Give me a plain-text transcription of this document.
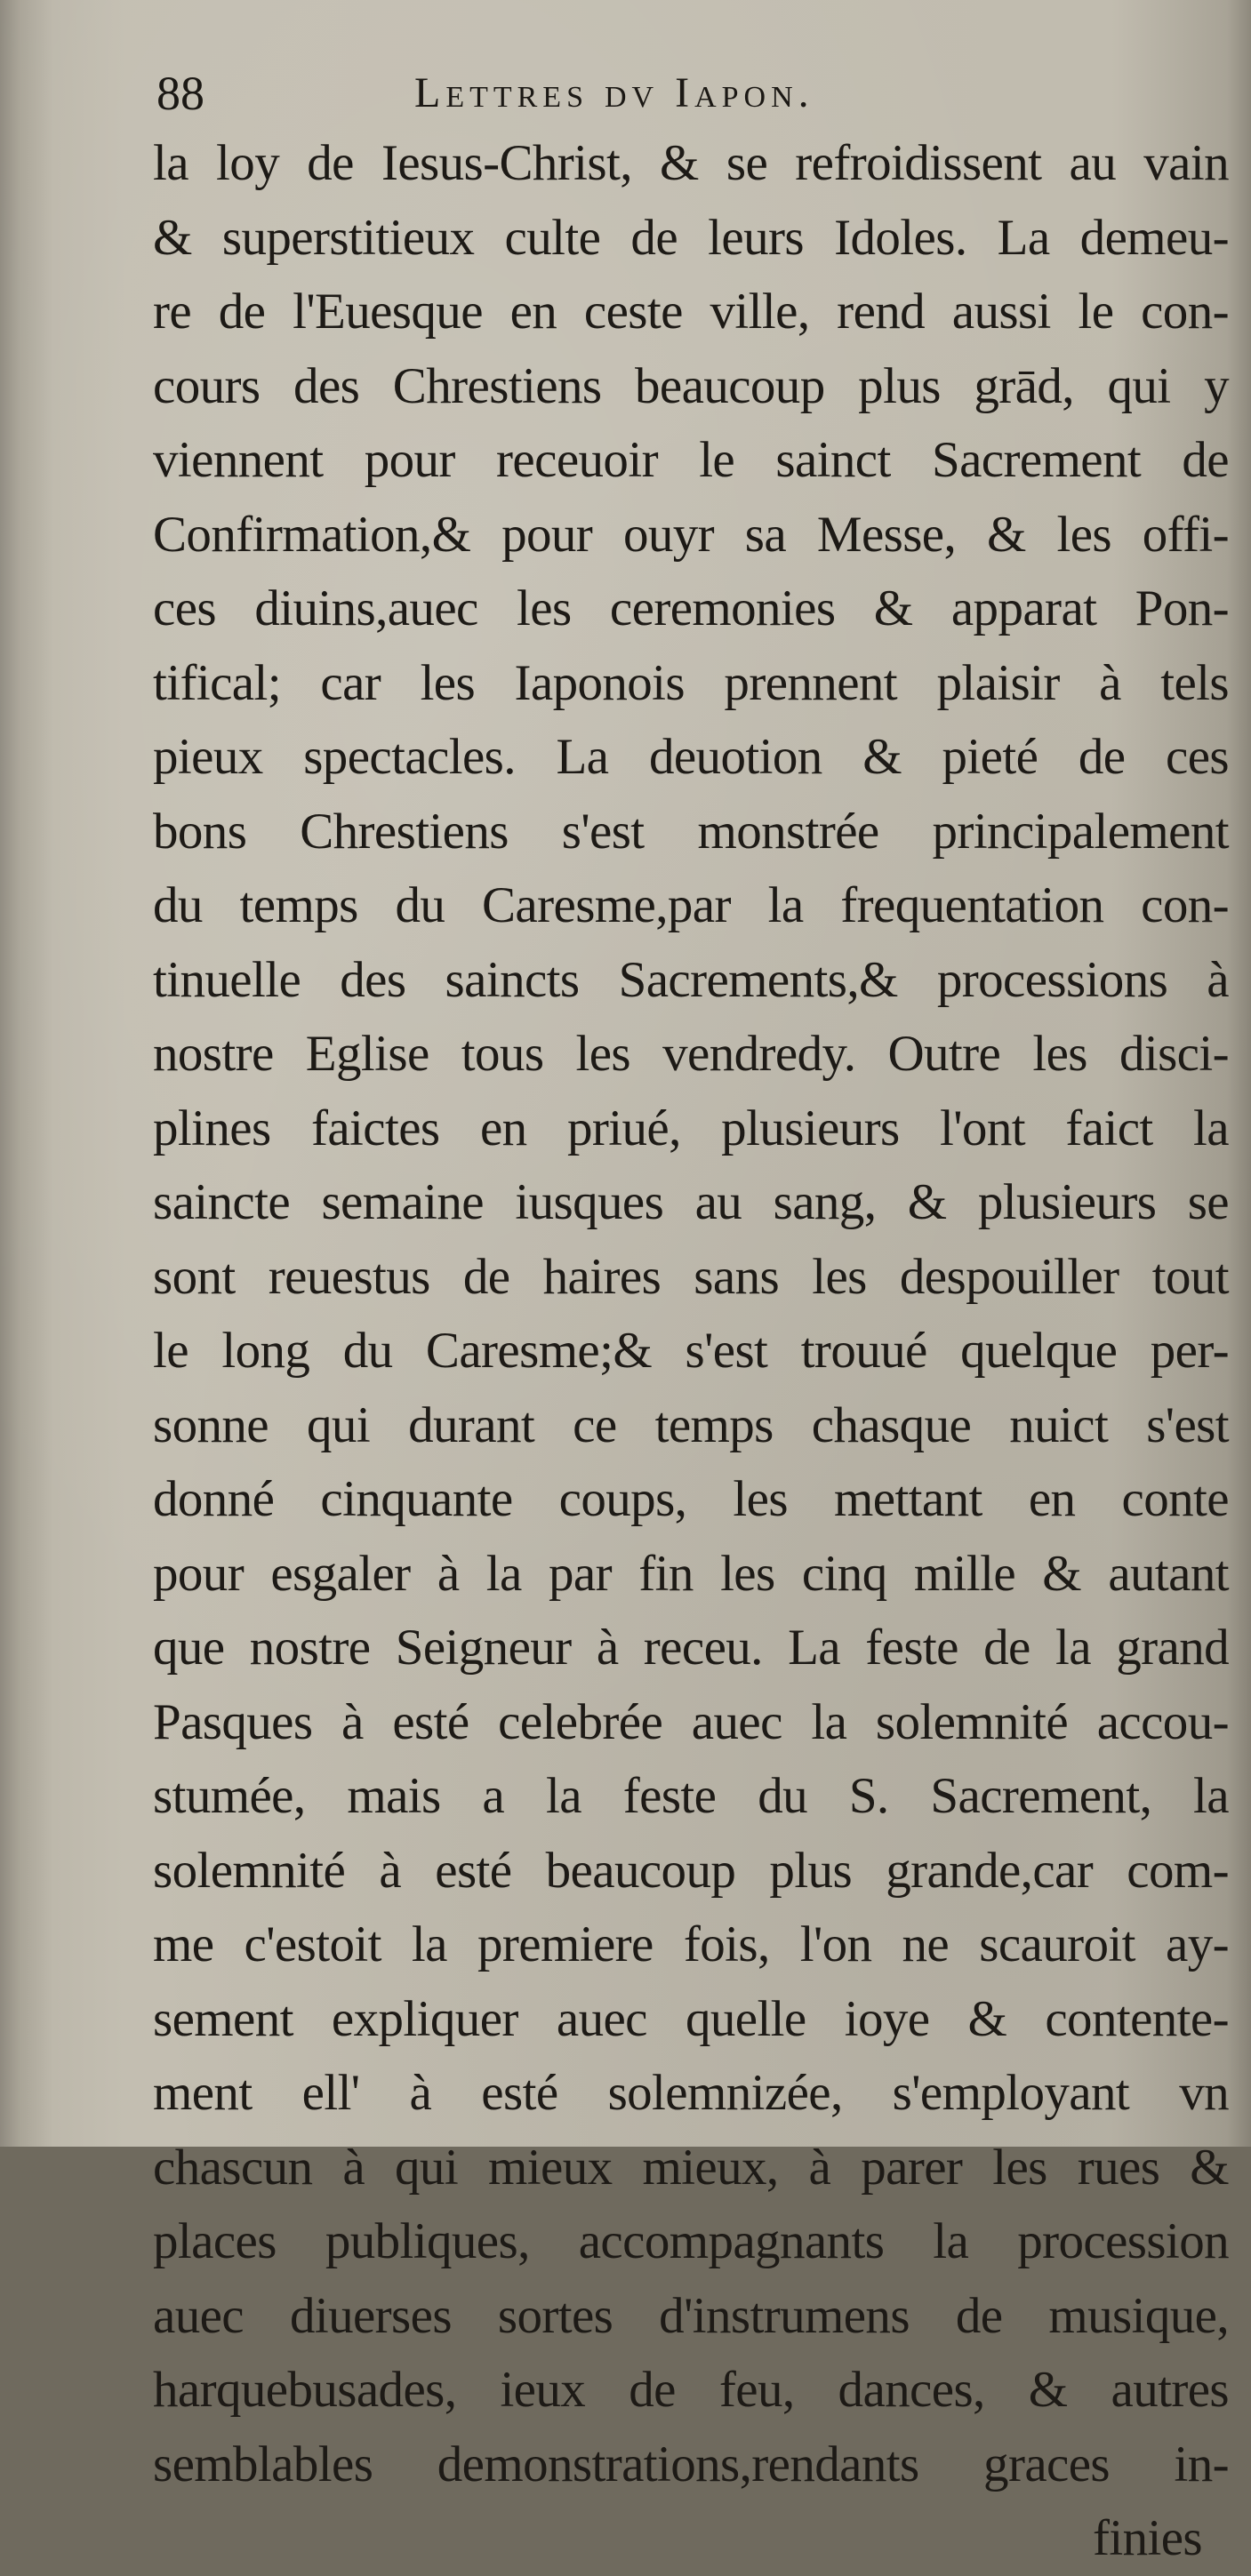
88	Lettres dv Iapon.
la loy de Iesus-Christ, & se refroidissent au vain
& superstitieux culte de leurs Idoles. La demeu-
re de l'Euesque en ceste ville, rend aussi le con-
cours des Chrestiens beaucoup plus grād, qui y
viennent pour receuoir le sainct Sacrement de
Confirmation,& pour ouyr sa Messe, & les offi-
ces diuins,auec les ceremonies & apparat Pon-
tifical; car les Iaponois prennent plaisir à tels
pieux spectacles. La deuotion & pieté de ces
bons Chrestiens s'est monstrée principalement
du temps du Caresme,par la frequentation con-
tinuelle des saincts Sacrements,& processions à
nostre Eglise tous les vendredy. Outre les disci-
plines faictes en priué, plusieurs l'ont faict la
saincte semaine iusques au sang, & plusieurs se
sont reuestus de haires sans les despouiller tout
le long du Caresme;& s'est trouué quelque per-
sonne qui durant ce temps chasque nuict s'est
donné cinquante coups, les mettant en conte
pour esgaler à la par fin les cinq mille & autant
que nostre Seigneur à receu. La feste de la grand
Pasques à esté celebrée auec la solemnité accou-
stumée, mais a la feste du S. Sacrement, la
solemnité à esté beaucoup plus grande,car com-
me c'estoit la premiere fois, l'on ne scauroit ay-
sement expliquer auec quelle ioye & contente-
ment ell' à esté solemnizée, s'employant vn
chascun à qui mieux mieux, à parer les rues &
places publiques, accompagnants la procession
auec diuerses sortes d'instrumens de musique,
harquebusades, ieux de feu, dances, & autres
semblables demonstrations,rendants graces in-
finies
